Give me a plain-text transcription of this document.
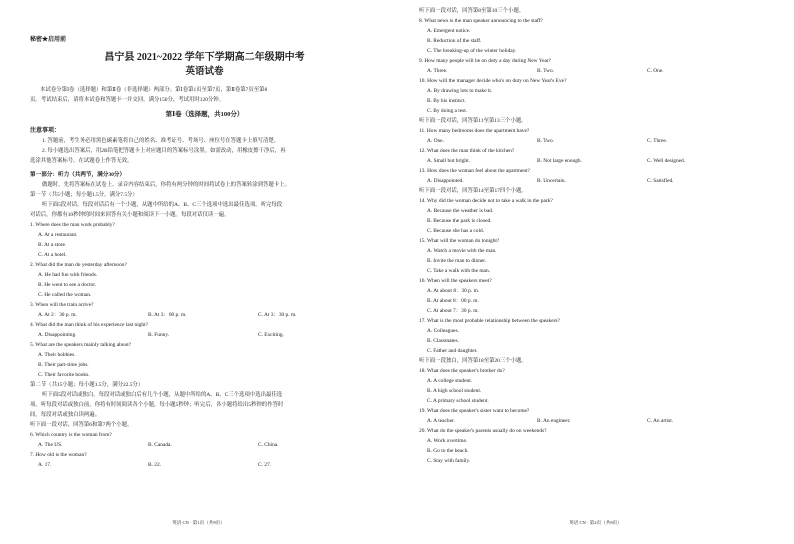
秘密★启用前
昌宁县 2021~2022 学年下学期高二年级期中考
英语试卷
本试卷分第Ⅰ卷（选择题）和第Ⅱ卷（非选择题）两部分。第Ⅰ卷第1页至第7页，第Ⅱ卷第7页至第8
页。考试结束后，请将本试卷和答题卡一并交回。满分150分，考试用时120分钟。
第Ⅰ卷（选择题，共100分）
注意事项：
1. 答题前，考生务必用黑色碳素笔将自己的姓名、准考证号、考场号、座位号在答题卡上填写清楚。
2. 每小题选出答案后，用2B铅笔把答题卡上对应题目的答案标号涂黑。如需改动，用橡皮擦干净后，再
选涂其他答案标号。在试题卷上作答无效。
第一部分：听力（共两节，满分30分）
做题时，先将答案标在试卷上。录音内容结束后，你将有两分钟的时间将试卷上的答案转涂到答题卡上。
第一节（共5小题；每小题1.5分，满分7.5分）
听下面5段对话。每段对话后有一个小题，从题中所给的A、B、C三个选项中选出最佳选项。听完每段
对话后，你都有10秒钟的时间来回答有关小题和阅读下一小题。每段对话仅读一遍。
1. Where does the man work probably?
A. At a restaurant.
B. At a store.
C. At a hotel.
2. What did the man do yesterday afternoon?
A. He had fun with friends.
B. He went to see a doctor.
C. He called the woman.
3. When will the train arrive?
A. At 2：30 p. m.	B. At 3：00 p. m.	C. At 3：30 p. m.
4. What did the man think of his experience last night?
A. Disappointing.	B. Funny.	C. Exciting.
5. What are the speakers mainly talking about?
A. Their hobbies.
B. Their part-time jobs.
C. Their favorite books.
第二节（共15小题；每小题1.5分，满分22.5分）
听下面5段对话或独白。每段对话或独白后有几个小题，从题中所给的A、B、C三个选项中选出最佳选
项。听每段对话或独白前，你将有时间阅读各个小题，每小题5秒钟；听完后，各小题将给出5秒钟的作答时
间。每段对话或独白读两遍。
听下面一段对话，回答第6和第7两个小题。
6. Which country is the woman from?
A. The US.	B. Canada.	C. China.
7. How old is the woman?
A. 17.	B. 22.	C. 27.
英语 CN · 第1页（共8页）
听下面一段对话，回答第8至第10三个小题。
8. What news is the man speaker announcing to the staff?
A. Emergent notice.
B. Reduction of the staff.
C. The breaking-up of the winter holiday.
9. How many people will be on duty a day during New Year?
A. Three.	B. Two.	C. One.
10. How will the manager decide who's on duty on New Year's Eve?
A. By drawing lots to make it.
B. By his instinct.
C. By doing a test.
听下面一段对话，回答第11至第13三个小题。
11. How many bedrooms does the apartment have?
A. One.	B. Two.	C. Three.
12. What does the man think of the kitchen?
A. Small but bright.	B. Not large enough.	C. Well designed.
13. How does the woman feel about the apartment?
A. Disappointed.	B. Uncertain.	C. Satisfied.
听下面一段对话，回答第14至第17四个小题。
14. Why did the woman decide not to take a walk in the park?
A. Because the weather is bad.
B. Because the park is closed.
C. Because she has a cold.
15. What will the woman do tonight?
A. Watch a movie with the man.
B. Invite the man to dinner.
C. Take a walk with the man.
16. When will the speakers meet?
A. At about 8：30 p. m.
B. At about 8：00 p. m.
C. At about 7：30 p. m.
17. What is the most probable relationship between the speakers?
A. Colleagues.
B. Classmates.
C. Father and daughter.
听下面一段独白，回答第18至第20三个小题。
18. What does the speaker's brother do?
A. A college student.
B. A high school student.
C. A primary school student.
19. What does the speaker's sister want to become?
A. A teacher.	B. An engineer.	C. An artist.
20. What do the speaker's parents usually do on weekends?
A. Work overtime.
B. Go to the beach.
C. Stay with family.
英语 CN · 第2页（共8页）
